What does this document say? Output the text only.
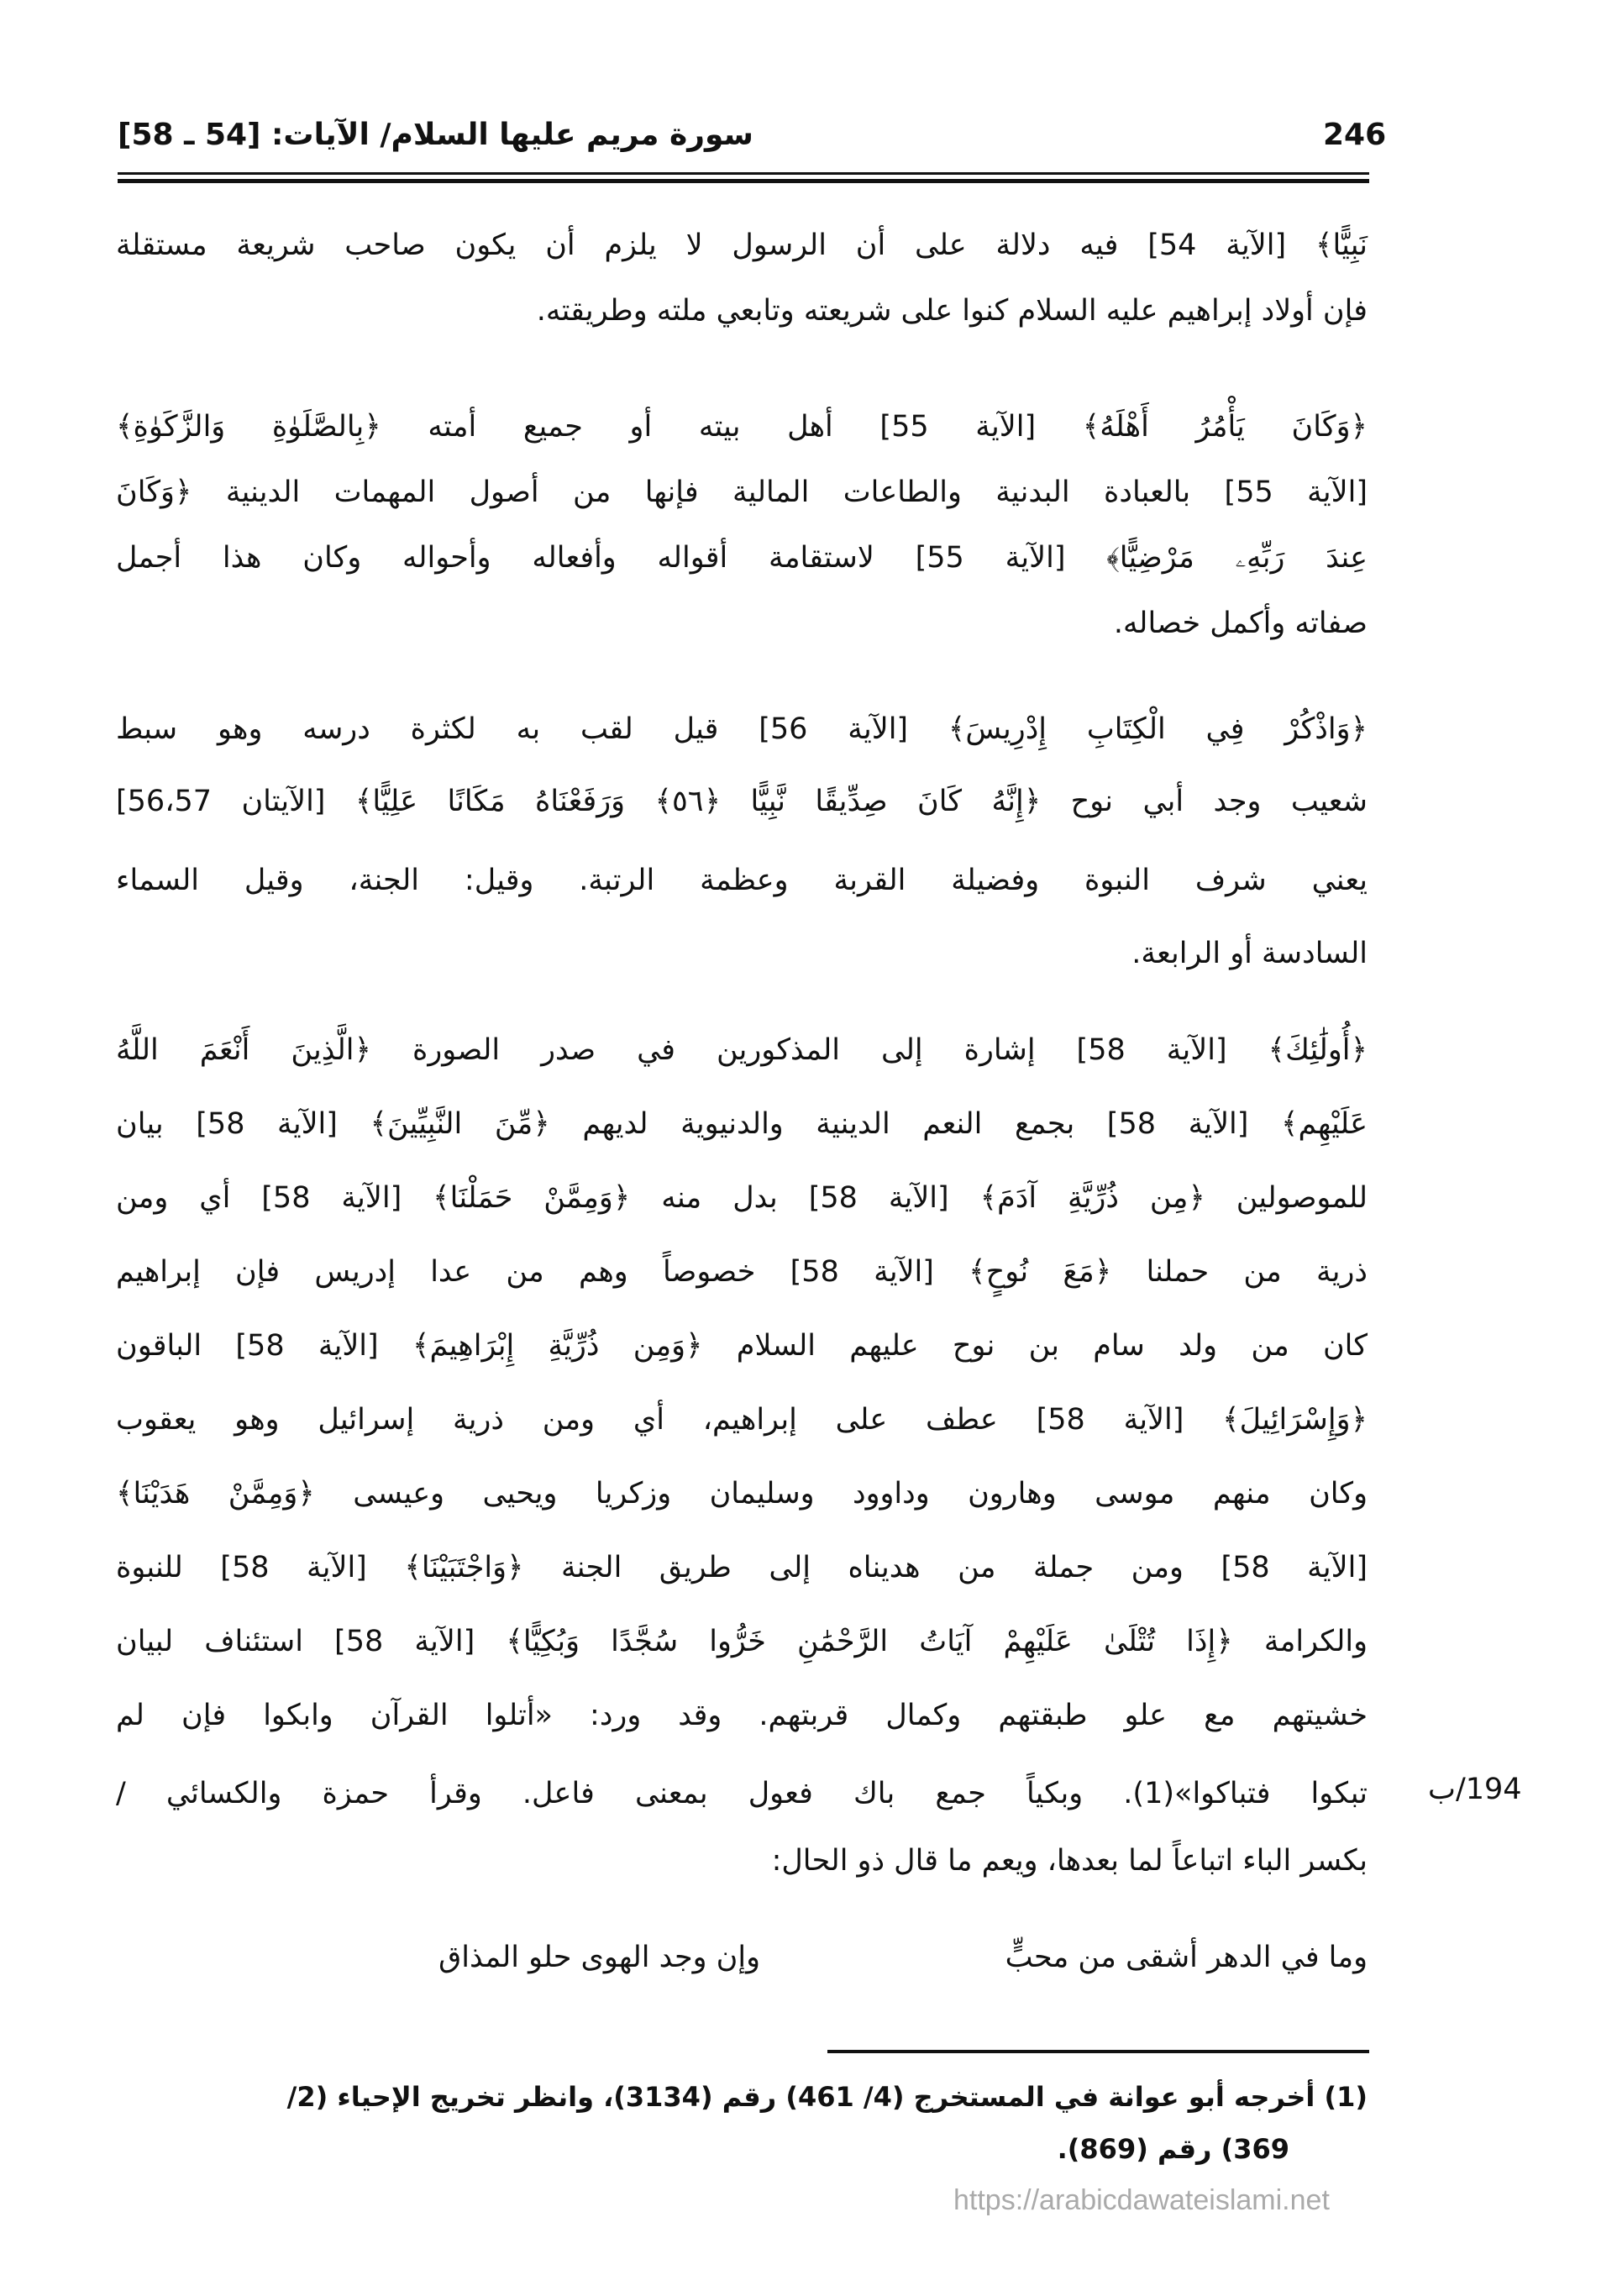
246
سورة مريم عليها السلام/ الآيات: [54 ـ 58]
نَبِيًّا﴾ [الآية 54] فيه دلالة على أن الرسول لا يلزم أن يكون صاحب شريعة مستقلة
فإن أولاد إبراهيم عليه السلام كنوا على شريعته وتابعي ملته وطريقته.
﴿وَكَانَ يَأْمُرُ أَهْلَهُ﴾ [الآية 55] أهل بيته أو جميع أمته ﴿بِالصَّلَوٰةِ وَالزَّكَوٰةِ﴾
[الآية 55] بالعبادة البدنية والطاعات المالية فإنها من أصول المهمات الدينية ﴿وَكَانَ
عِندَ رَبِّهِۦ مَرْضِيًّا﴾ [الآية 55] لاستقامة أقواله وأفعاله وأحواله وكان هذا أجمل
صفاته وأكمل خصاله.
﴿وَاذْكُرْ فِي الْكِتَابِ إِدْرِيسَ﴾ [الآية 56] قيل لقب به لكثرة درسه وهو سبط
شعيب وجد أبي نوح ﴿إِنَّهُ كَانَ صِدِّيقًا نَّبِيًّا ﴿٥٦﴾ وَرَفَعْنَاهُ مَكَانًا عَلِيًّا﴾ [الآيتان 56،57]
يعني شرف النبوة وفضيلة القربة وعظمة الرتبة. وقيل: الجنة، وقيل السماء
السادسة أو الرابعة.
﴿أُولَٰئِكَ﴾ [الآية 58] إشارة إلى المذكورين في صدر الصورة ﴿الَّذِينَ أَنْعَمَ اللَّهُ
عَلَيْهِم﴾ [الآية 58] بجمع النعم الدينية والدنيوية لديهم ﴿مِّنَ النَّبِيِّينَ﴾ [الآية 58] بيان
للموصولين ﴿مِن ذُرِّيَّةِ آدَمَ﴾ [الآية 58] بدل منه ﴿وَمِمَّنْ حَمَلْنَا﴾ [الآية 58] أي ومن
ذرية من حملنا ﴿مَعَ نُوحٍ﴾ [الآية 58] خصوصاً وهم من عدا إدريس فإن إبراهيم
كان من ولد سام بن نوح عليهم السلام ﴿وَمِن ذُرِّيَّةِ إِبْرَاهِيمَ﴾ [الآية 58] الباقون
﴿وَإِسْرَائِيلَ﴾ [الآية 58] عطف على إبراهيم، أي ومن ذرية إسرائيل وهو يعقوب
وكان منهم موسى وهارون وداوود وسليمان وزكريا ويحيى وعيسى ﴿وَمِمَّنْ هَدَيْنَا﴾
[الآية 58] ومن جملة من هديناه إلى طريق الجنة ﴿وَاجْتَبَيْنَا﴾ [الآية 58] للنبوة
والكرامة ﴿إِذَا تُتْلَىٰ عَلَيْهِمْ آيَاتُ الرَّحْمَٰنِ خَرُّوا سُجَّدًا وَبُكِيًّا﴾ [الآية 58] استئناف لبيان
خشيتهم مع علو طبقتهم وكمال قربتهم. وقد ورد: «أتلوا القرآن وابكوا فإن لم
تبكوا فتباكوا»(1). وبكياً جمع باك فعول بمعنى فاعل. وقرأ حمزة والكسائي /
بكسر الباء اتباعاً لما بعدها، ويعم ما قال ذو الحال:
194/ب
وما في الدهر أشقى من محبٍّ
وإن وجد الهوى حلو المذاق
(1) أخرجه أبو عوانة في المستخرج (4/ 461) رقم (3134)، وانظر تخريج الإحياء (2/
369) رقم (869).
https://arabicdawateislami.net
